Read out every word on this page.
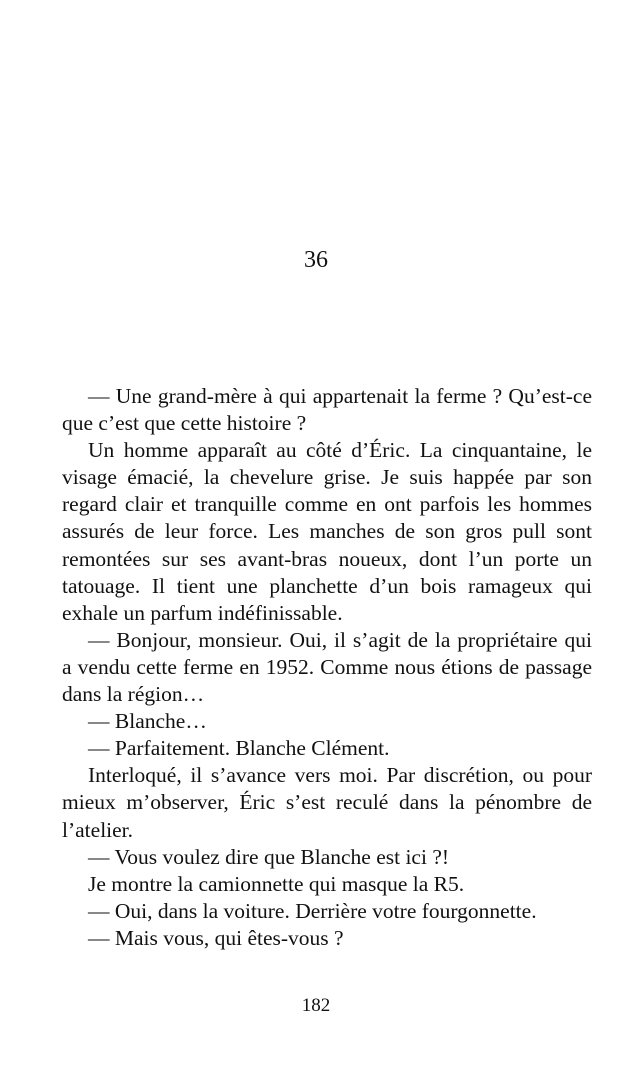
36

— Une grand-mère à qui appartenait la ferme ? Qu’est-ce que c’est que cette histoire ?

Un homme apparaît au côté d’Éric. La cinquantaine, le visage émacié, la chevelure grise. Je suis happée par son regard clair et tranquille comme en ont parfois les hommes assurés de leur force. Les manches de son gros pull sont remontées sur ses avant-bras noueux, dont l’un porte un tatouage. Il tient une planchette d’un bois ramageux qui exhale un parfum indéfinissable.

— Bonjour, monsieur. Oui, il s’agit de la propriétaire qui a vendu cette ferme en 1952. Comme nous étions de passage dans la région…

— Blanche…

— Parfaitement. Blanche Clément.

Interloqué, il s’avance vers moi. Par discrétion, ou pour mieux m’observer, Éric s’est reculé dans la pénombre de l’atelier.

— Vous voulez dire que Blanche est ici ?!

Je montre la camionnette qui masque la R5.

— Oui, dans la voiture. Derrière votre fourgonnette.

— Mais vous, qui êtes-vous ?

182
